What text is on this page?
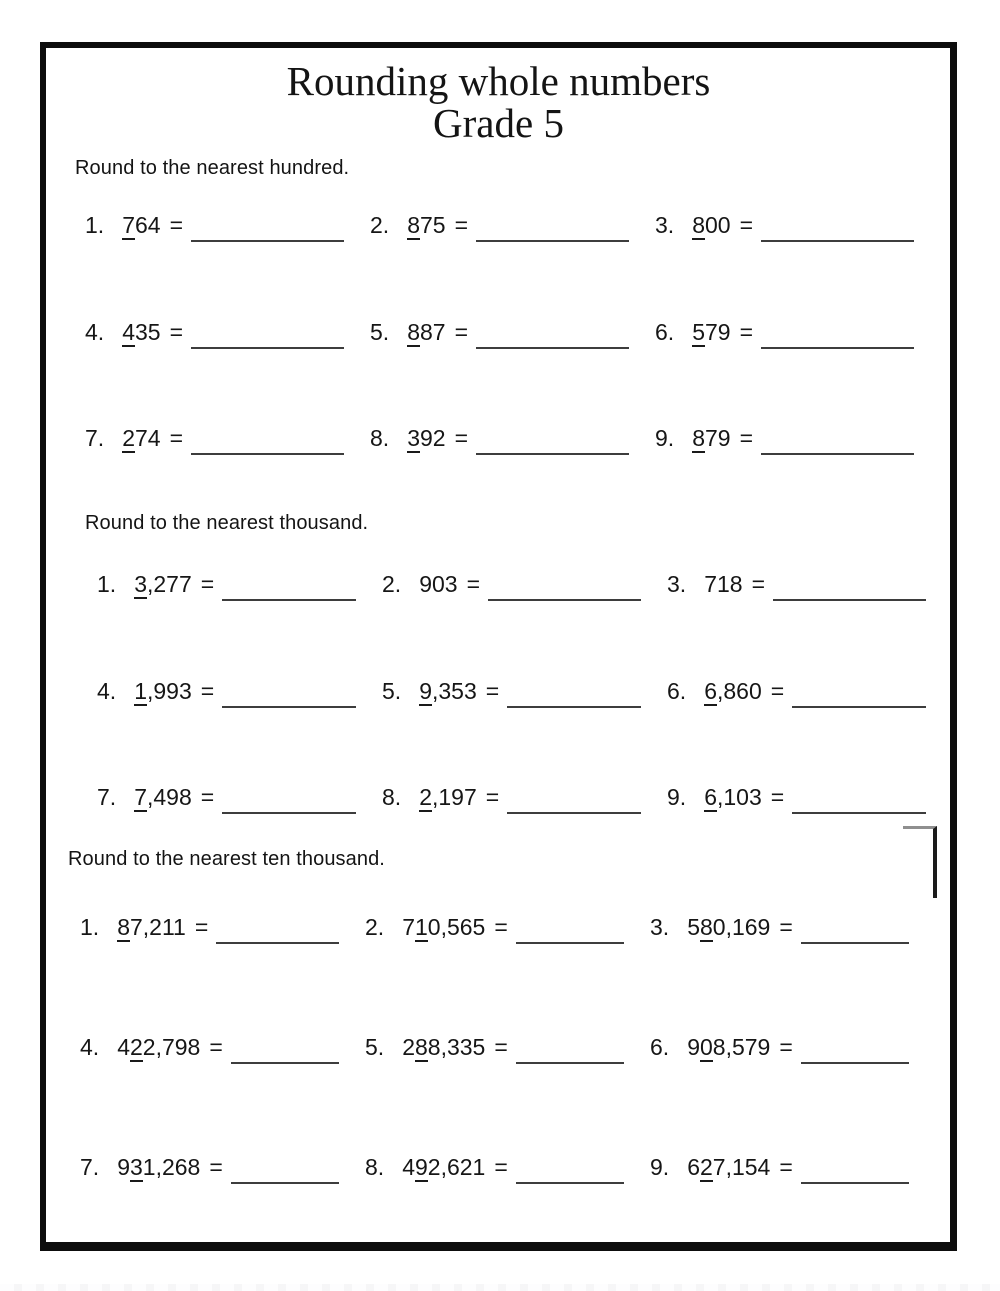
Rounding whole numbers
Grade 5
Round to the nearest hundred.
1. 764 =	2. 875 =	3. 800 =
4. 435 =	5. 887 =	6. 579 =
7. 274 =	8. 392 =	9. 879 =
Round to the nearest thousand.
1. 3,277 =	2. 903 =	3. 718 =
4. 1,993 =	5. 9,353 =	6. 6,860 =
7. 7,498 =	8. 2,197 =	9. 6,103 =
Round to the nearest ten thousand.
1. 87,211 =	2. 710,565 =	3. 580,169 =
4. 422,798 =	5. 288,335 =	6. 908,579 =
7. 931,268 =	8. 492,621 =	9. 627,154 =
